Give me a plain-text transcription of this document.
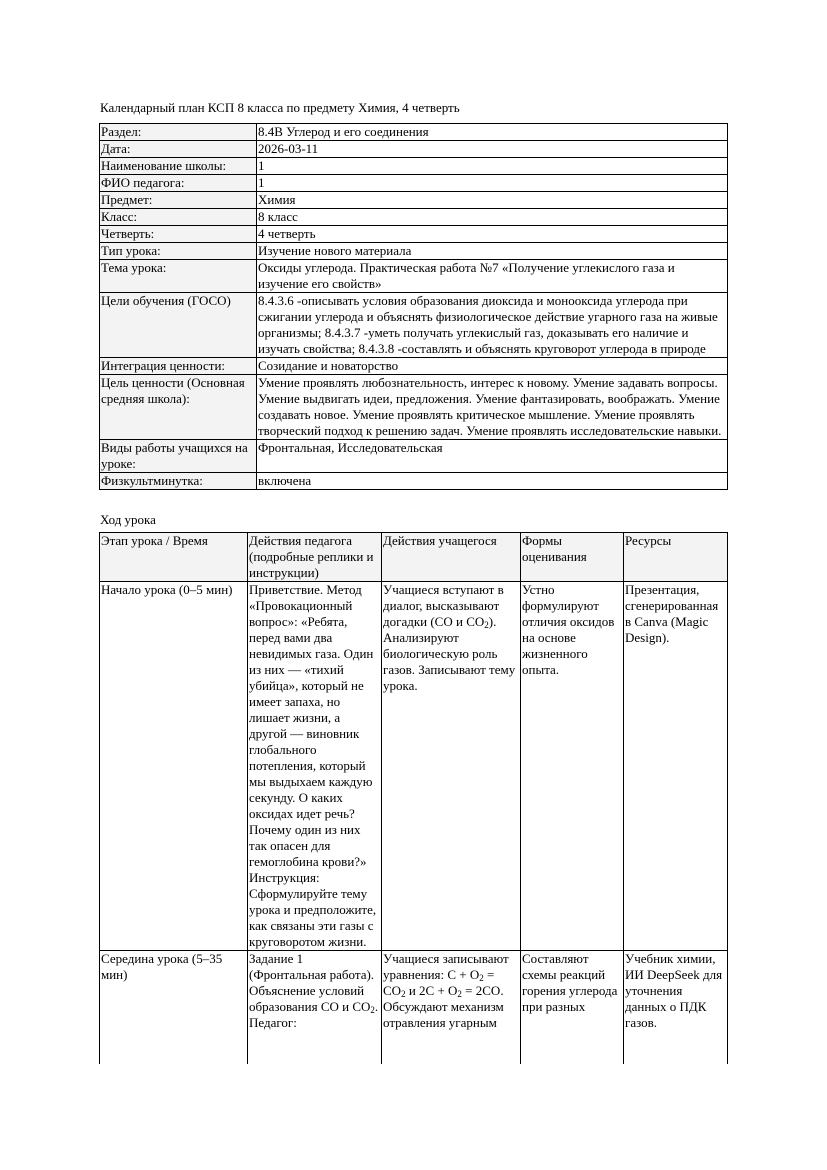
Календарный план КСП 8 класса по предмету Химия, 4 четверть
Раздел:	8.4В Углерод и его соединения
Дата:	2026-03-11
Наименование школы:	1
ФИО педагога:	1
Предмет:	Химия
Класс:	8 класс
Четверть:	4 четверть
Тип урока:	Изучение нового материала
Тема урока:	Оксиды углерода. Практическая работа №7 «Получение углекислого газа и изучение его свойств»
Цели обучения (ГОСО)	8.4.3.6 -описывать условия образования диоксида и монооксида углерода при сжигании углерода и объяснять физиологическое действие угарного газа на живые организмы; 8.4.3.7 -уметь получать углекислый газ, доказывать его наличие и изучать свойства; 8.4.3.8 -составлять и объяснять круговорот углерода в природе
Интеграция ценности:	Созидание и новаторство
Цель ценности (Основная средняя школа):	Умение проявлять любознательность, интерес к новому. Умение задавать вопросы. Умение выдвигать идеи, предложения. Умение фантазировать, воображать. Умение создавать новое. Умение проявлять критическое мышление. Умение проявлять творческий подход к решению задач. Умение проявлять исследовательские навыки.
Виды работы учащихся на уроке:	Фронтальная, Исследовательская
Физкультминутка:	включена
Ход урока
Этап урока / Время	Действия педагога (подробные реплики и инструкции)	Действия учащегося	Формы оценивания	Ресурсы
Начало урока (0–5 мин)	Приветствие. Метод «Провокационный вопрос»: «Ребята, перед вами два невидимых газа. Один из них — «тихий убийца», который не имеет запаха, но лишает жизни, а другой — виновник глобального потепления, который мы выдыхаем каждую секунду. О каких оксидах идет речь? Почему один из них так опасен для гемоглобина крови?» Инструкция: Сформулируйте тему урока и предположите, как связаны эти газы с круговоротом жизни.	Учащиеся вступают в диалог, высказывают догадки (CO и $CO_2$). Анализируют биологическую роль газов. Записывают тему урока.	Устно формулируют отличия оксидов на основе жизненного опыта.	Презентация, сгенерированная в Canva (Magic Design).
Середина урока (5–35 мин)	Задание 1 (Фронтальная работа). Объяснение условий образования CO и $CO_2$. Педагог:	Учащиеся записывают уравнения: $C + O_2 = CO_2$ и $2C + O_2 = 2CO$. Обсуждают механизм отравления угарным	Составляют схемы реакций горения углерода при разных	Учебник химии, ИИ DeepSeek для уточнения данных о ПДК газов.
